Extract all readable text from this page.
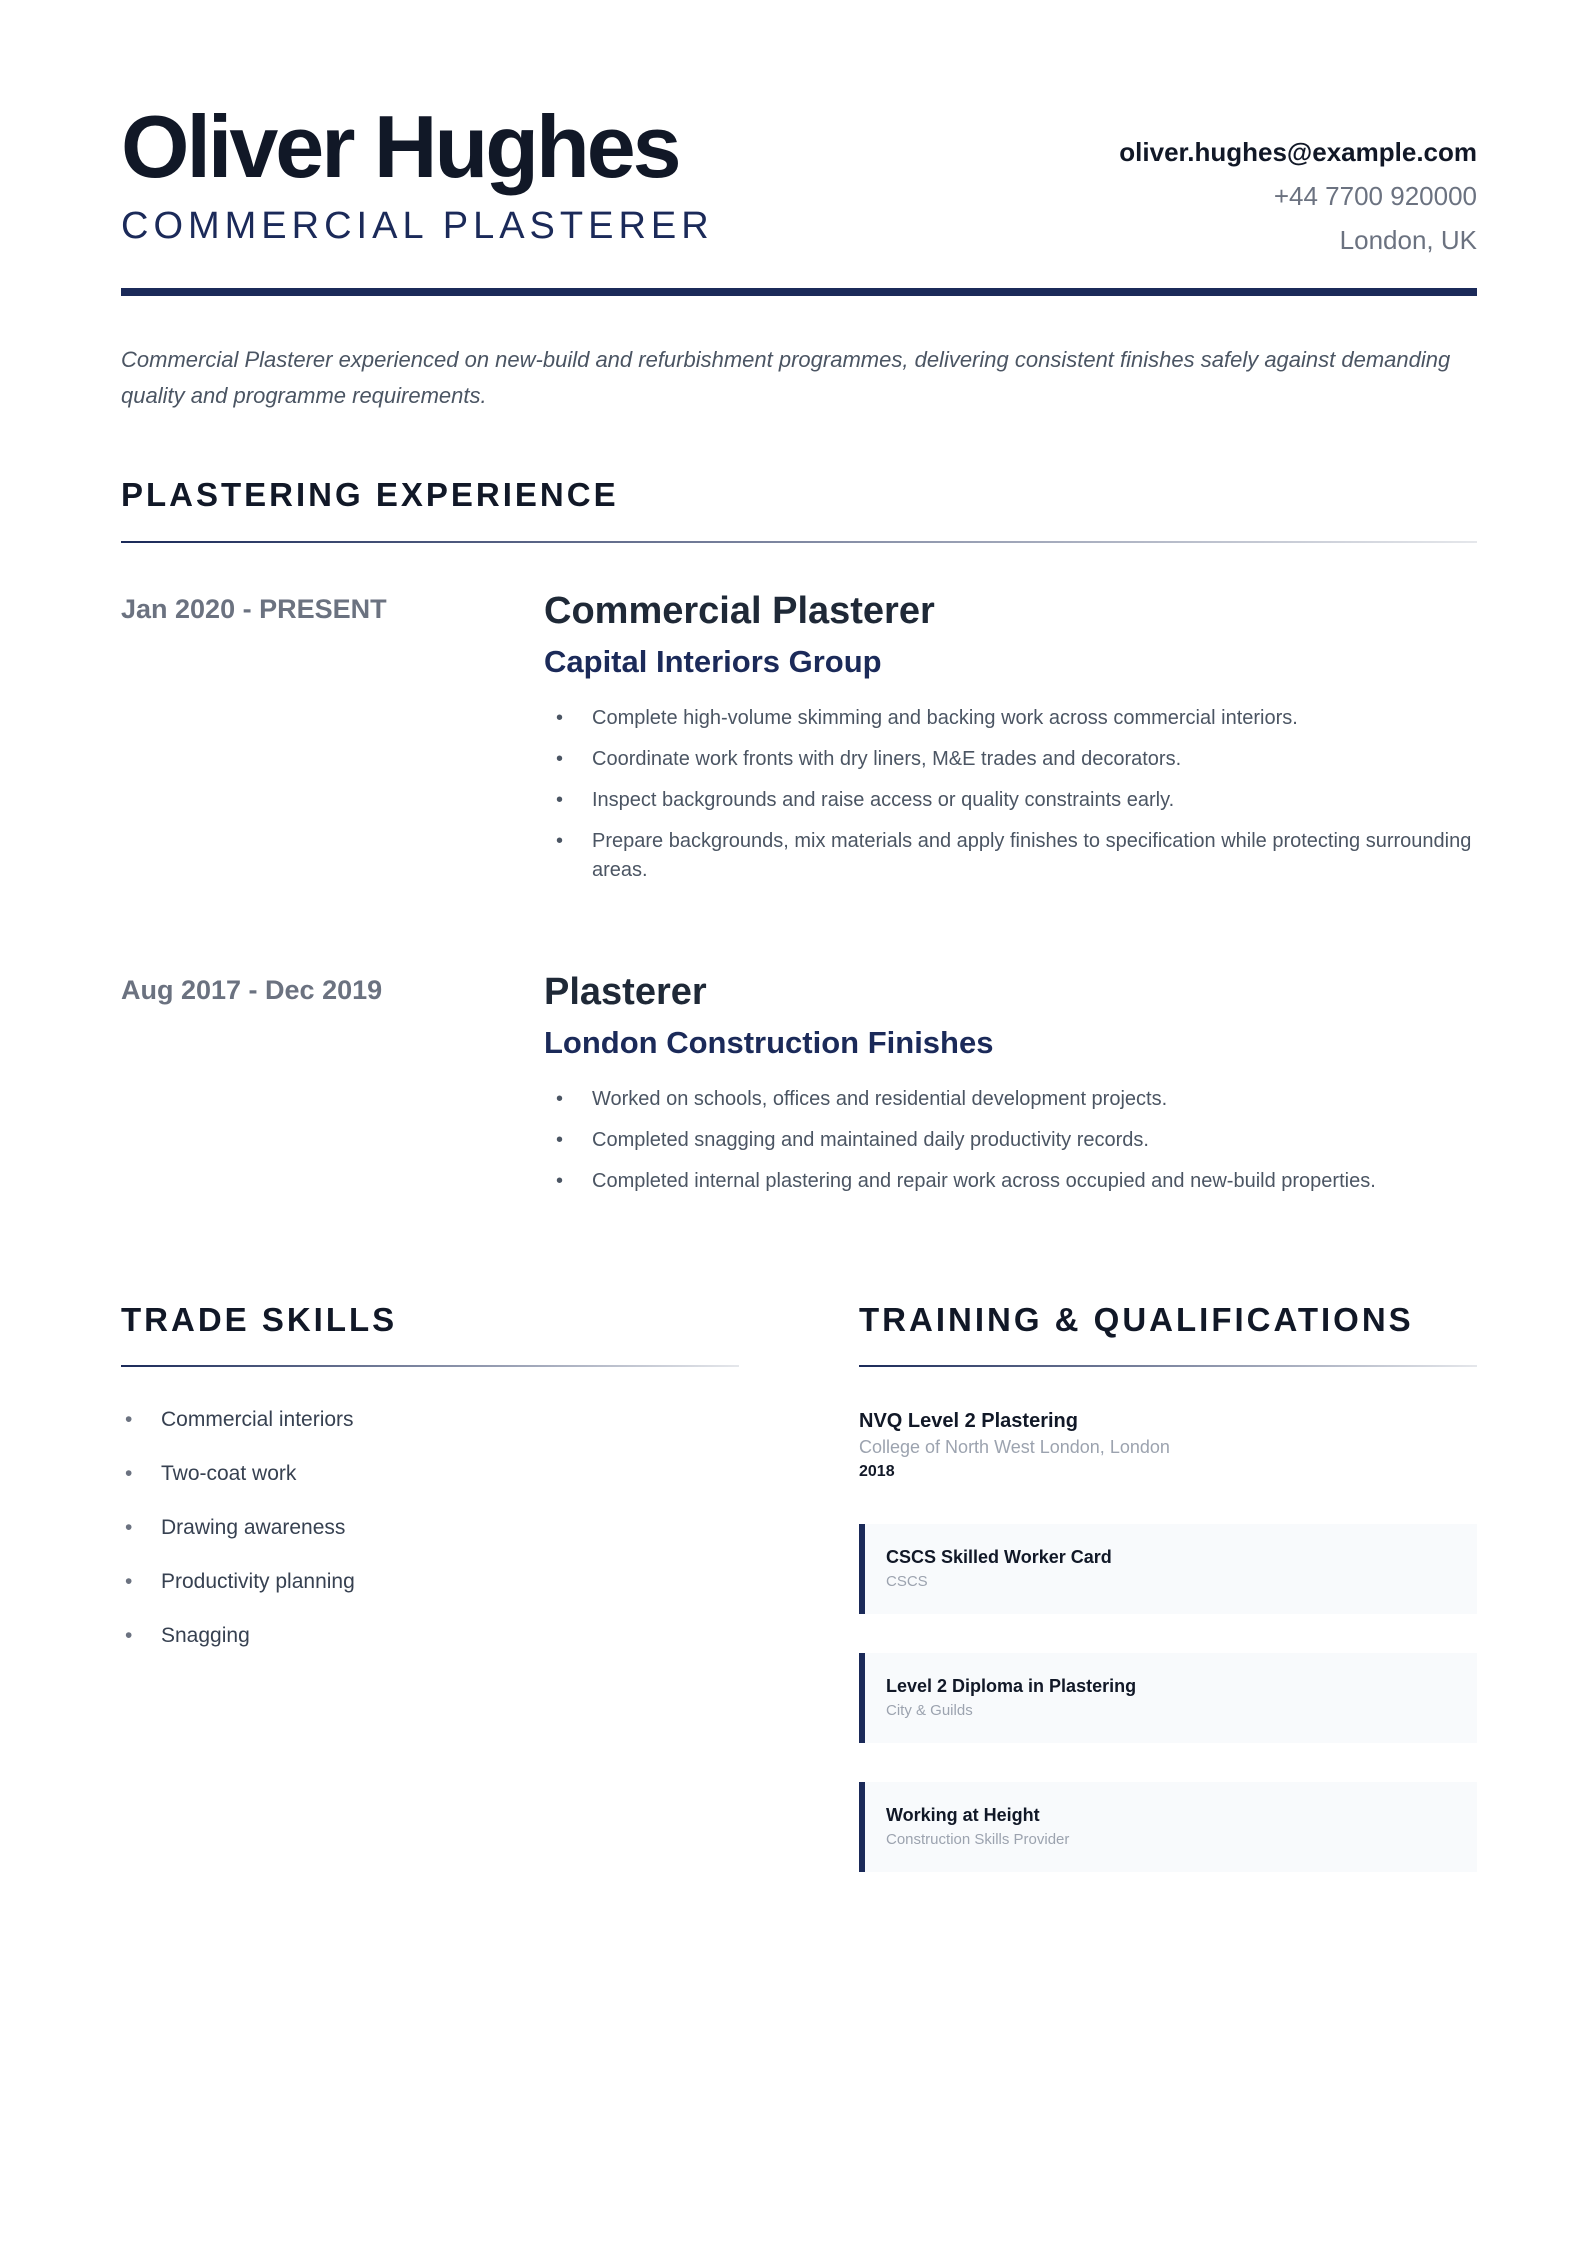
Oliver Hughes
COMMERCIAL PLASTERER
oliver.hughes@example.com
+44 7700 920000
London, UK

Commercial Plasterer experienced on new-build and refurbishment programmes, delivering consistent finishes safely against demanding quality and programme requirements.

PLASTERING EXPERIENCE
Jan 2020 - PRESENT	Commercial Plasterer
Capital Interiors Group
• Complete high-volume skimming and backing work across commercial interiors.
• Coordinate work fronts with dry liners, M&E trades and decorators.
• Inspect backgrounds and raise access or quality constraints early.
• Prepare backgrounds, mix materials and apply finishes to specification while protecting surrounding areas.
Aug 2017 - Dec 2019	Plasterer
London Construction Finishes
• Worked on schools, offices and residential development projects.
• Completed snagging and maintained daily productivity records.
• Completed internal plastering and repair work across occupied and new-build properties.
TRADE SKILLS
• Commercial interiors
• Two-coat work
• Drawing awareness
• Productivity planning
• Snagging
TRAINING & QUALIFICATIONS
NVQ Level 2 Plastering
College of North West London, London
2018
CSCS Skilled Worker Card
CSCS
Level 2 Diploma in Plastering
City & Guilds
Working at Height
Construction Skills Provider
